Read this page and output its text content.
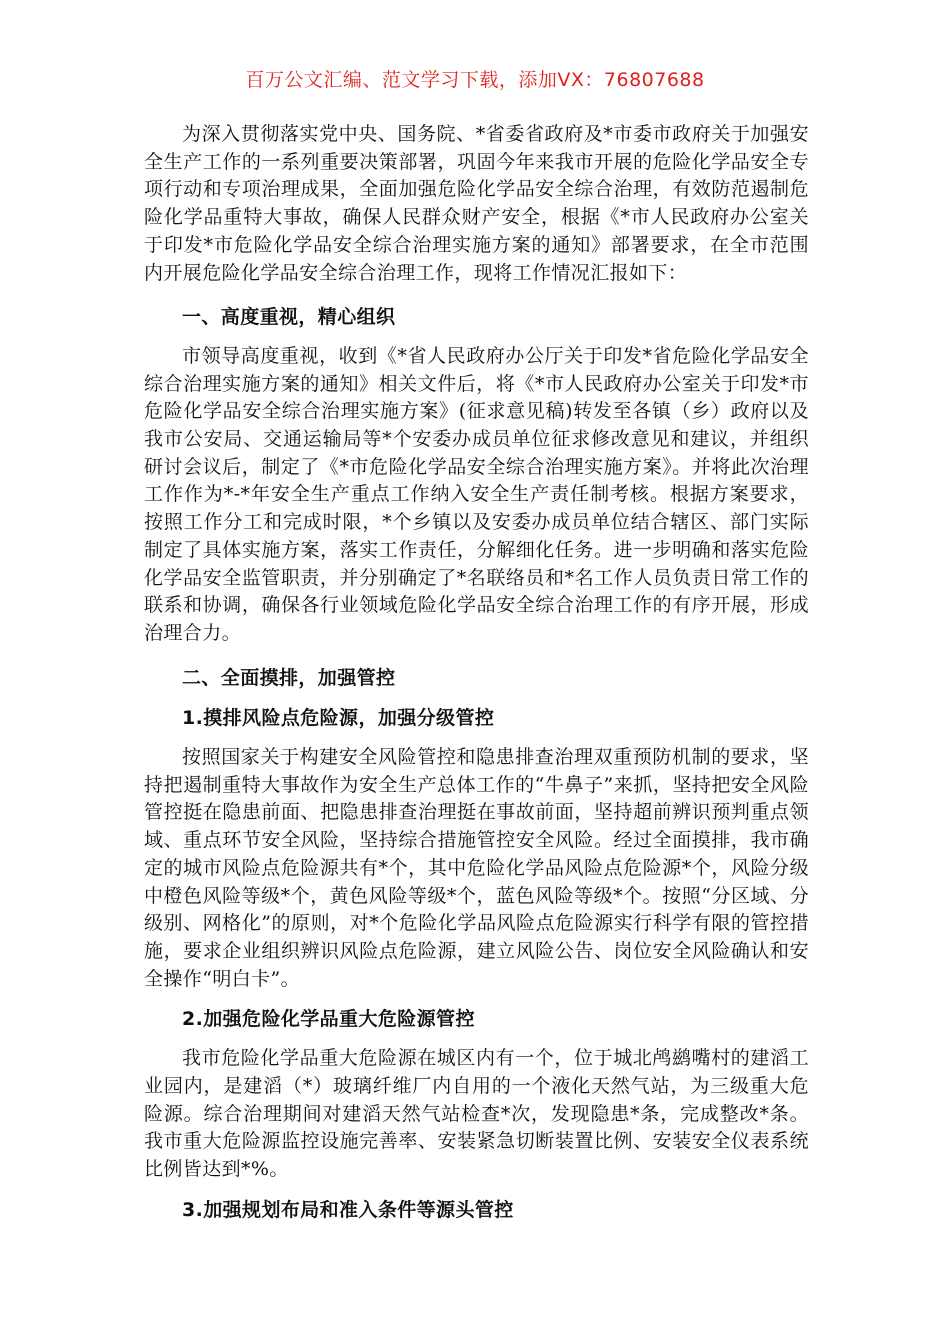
百万公文汇编、范文学习下载，添加VX：76807688

为深入贯彻落实党中央、国务院、*省委省政府及*市委市政府关于加强安全生产工作的一系列重要决策部署，巩固今年来我市开展的危险化学品安全专项行动和专项治理成果，全面加强危险化学品安全综合治理，有效防范遏制危险化学品重特大事故，确保人民群众财产安全，根据《*市人民政府办公室关于印发*市危险化学品安全综合治理实施方案的通知》部署要求，在全市范围内开展危险化学品安全综合治理工作，现将工作情况汇报如下：

一、高度重视，精心组织

市领导高度重视，收到《*省人民政府办公厅关于印发*省危险化学品安全综合治理实施方案的通知》相关文件后，将《*市人民政府办公室关于印发*市危险化学品安全综合治理实施方案》(征求意见稿)转发至各镇（乡）政府以及我市公安局、交通运输局等*个安委办成员单位征求修改意见和建议，并组织研讨会议后，制定了《*市危险化学品安全综合治理实施方案》。并将此次治理工作作为*-*年安全生产重点工作纳入安全生产责任制考核。根据方案要求，按照工作分工和完成时限，*个乡镇以及安委办成员单位结合辖区、部门实际制定了具体实施方案，落实工作责任，分解细化任务。进一步明确和落实危险化学品安全监管职责，并分别确定了*名联络员和*名工作人员负责日常工作的联系和协调，确保各行业领域危险化学品安全综合治理工作的有序开展，形成治理合力。

二、全面摸排，加强管控
1.摸排风险点危险源，加强分级管控

按照国家关于构建安全风险管控和隐患排查治理双重预防机制的要求，坚持把遏制重特大事故作为安全生产总体工作的“牛鼻子”来抓，坚持把安全风险管控挺在隐患前面、把隐患排查治理挺在事故前面，坚持超前辨识预判重点领域、重点环节安全风险，坚持综合措施管控安全风险。经过全面摸排，我市确定的城市风险点危险源共有*个，其中危险化学品风险点危险源*个，风险分级中橙色风险等级*个，黄色风险等级*个，蓝色风险等级*个。按照“分区域、分级别、网格化”的原则，对*个危险化学品风险点危险源实行科学有限的管控措施，要求企业组织辨识风险点危险源，建立风险公告、岗位安全风险确认和安全操作“明白卡”。

2.加强危险化学品重大危险源管控

我市危险化学品重大危险源在城区内有一个，位于城北鸬鹚嘴村的建滔工业园内，是建滔（*）玻璃纤维厂内自用的一个液化天然气站，为三级重大危险源。综合治理期间对建滔天然气站检查*次，发现隐患*条，完成整改*条。我市重大危险源监控设施完善率、安装紧急切断装置比例、安装安全仪表系统比例皆达到*%。

3.加强规划布局和准入条件等源头管控
